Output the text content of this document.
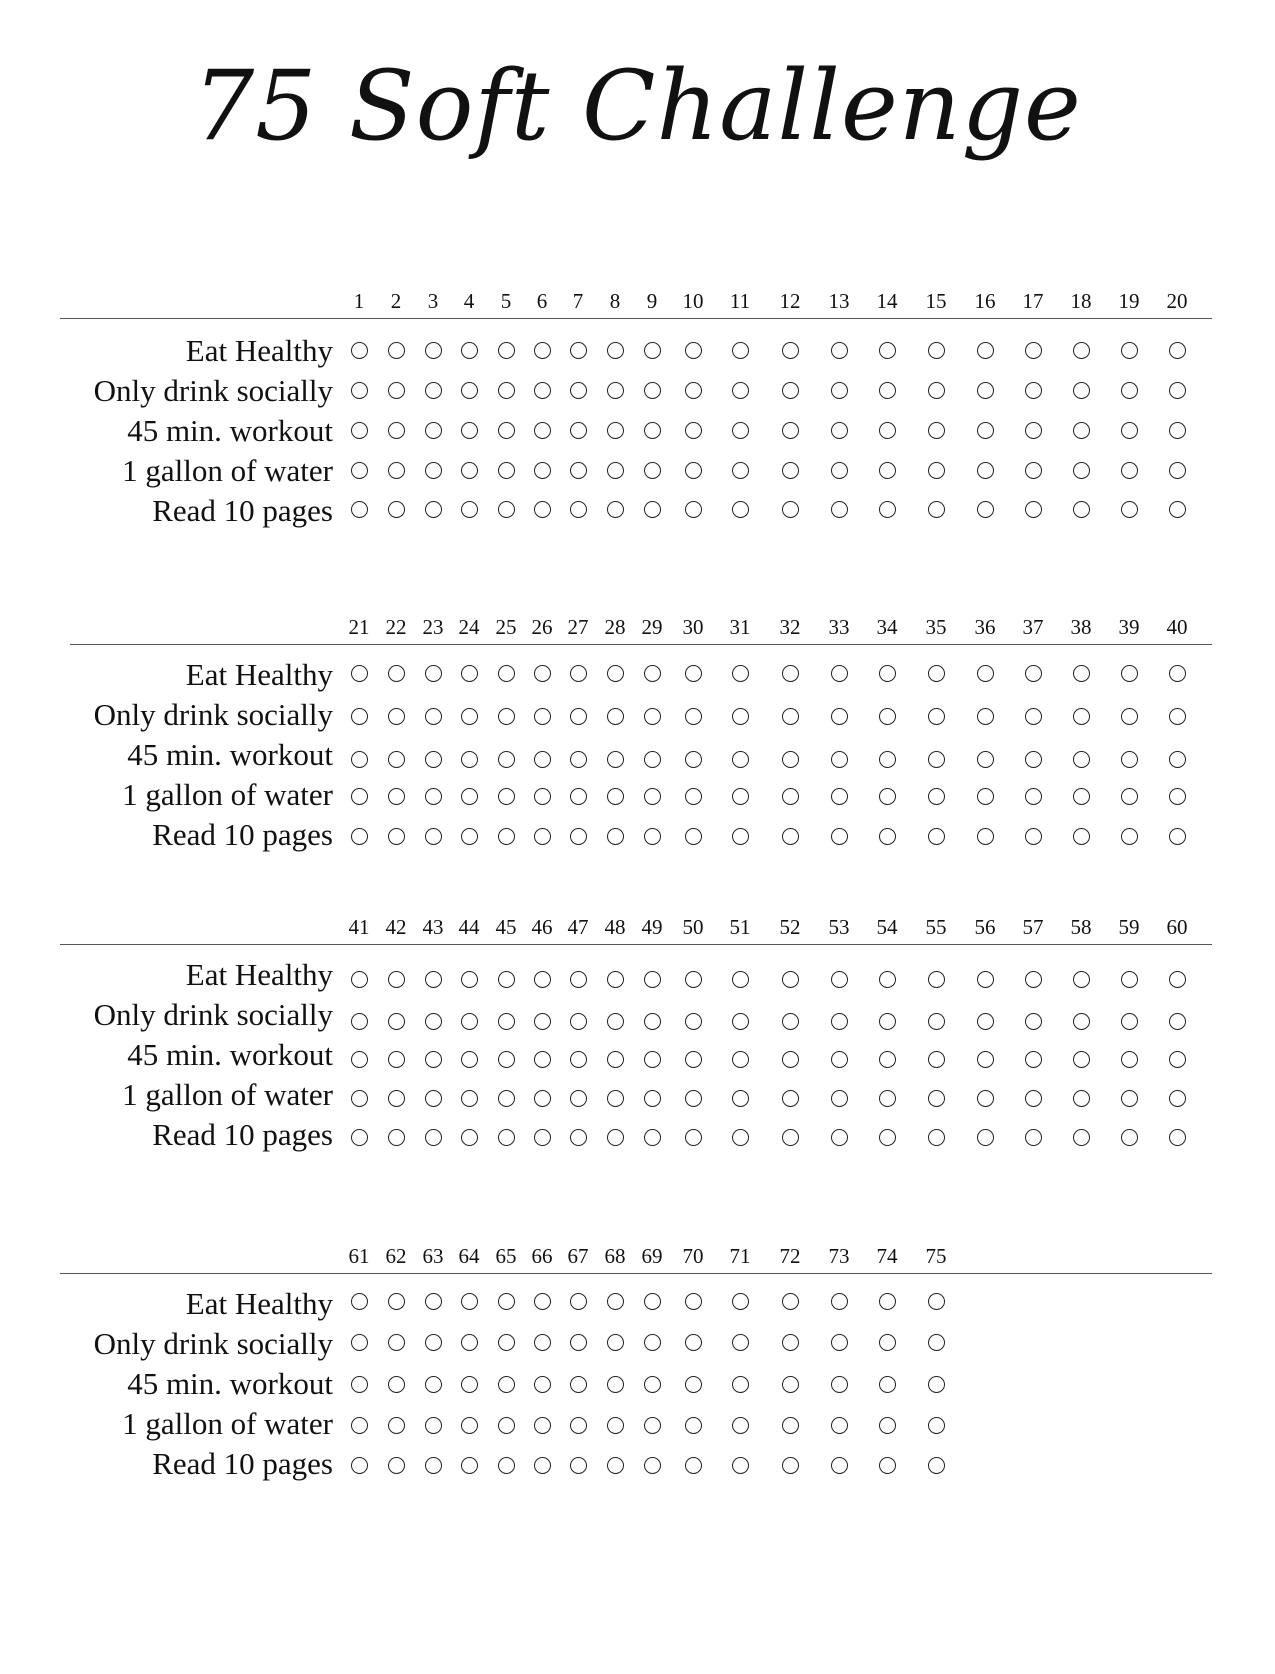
75 Soft Challenge
1	2	3	4	5	6	7	8	9	10	11	12	13	14	15	16	17	18	19	20
Eat Healthy
Only drink socially
45 min. workout
1 gallon of water
Read 10 pages
21 22 23 24 25 26 27 28 29 30	31	32	33	34	35	36	37	38	39	40
Eat Healthy
Only drink socially
45 min. workout
1 gallon of water
Read 10 pages
41 42 43 44 45 46 47 48 49 50	51	52	53	54	55	56	57	58	59	60
Eat Healthy
Only drink socially
45 min. workout
1 gallon of water
Read 10 pages
61 62 63 64 65 66 67 68 69 70	71	72	73	74	75
Eat Healthy
Only drink socially
45 min. workout
1 gallon of water
Read 10 pages
